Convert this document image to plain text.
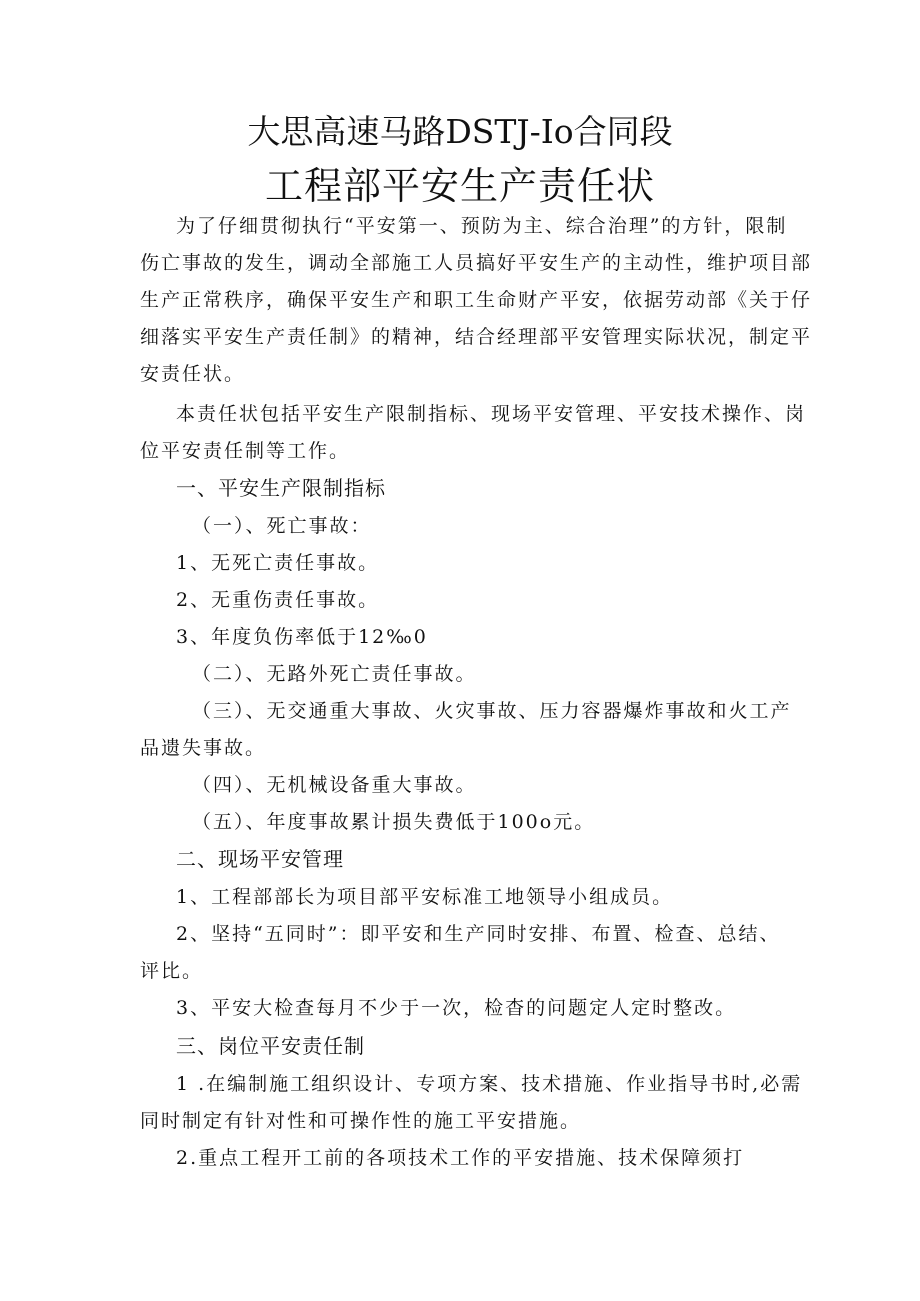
大思高速马路DSTJ-Io合同段
工程部平安生产责任状
为了仔细贯彻执行“平安第一、预防为主、综合治理”的方针，限制
伤亡事故的发生，调动全部施工人员搞好平安生产的主动性，维护项目部
生产正常秩序，确保平安生产和职工生命财产平安，依据劳动部《关于仔
细落实平安生产责任制》的精神，结合经理部平安管理实际状况，制定平
安责任状。
本责任状包括平安生产限制指标、现场平安管理、平安技术操作、岗
位平安责任制等工作。
一、平安生产限制指标
（一）、死亡事故：
1、无死亡责任事故。
2、无重伤责任事故。
3、年度负伤率低于12‰0
（二）、无路外死亡责任事故。
（三）、无交通重大事故、火灾事故、压力容器爆炸事故和火工产
品遗失事故。
（四）、无机械设备重大事故。
（五）、年度事故累计损失费低于100o元。
二、现场平安管理
1、工程部部长为项目部平安标准工地领导小组成员。
2、坚持“五同时”：即平安和生产同时安排、布置、检查、总结、
评比。
3、平安大检查每月不少于一次，检杳的问题定人定时整改。
三、岗位平安责任制
1 .在编制施工组织设计、专项方案、技术措施、作业指导书时,必需
同时制定有针对性和可操作性的施工平安措施。
2.重点工程开工前的各项技术工作的平安措施、技术保障须打
